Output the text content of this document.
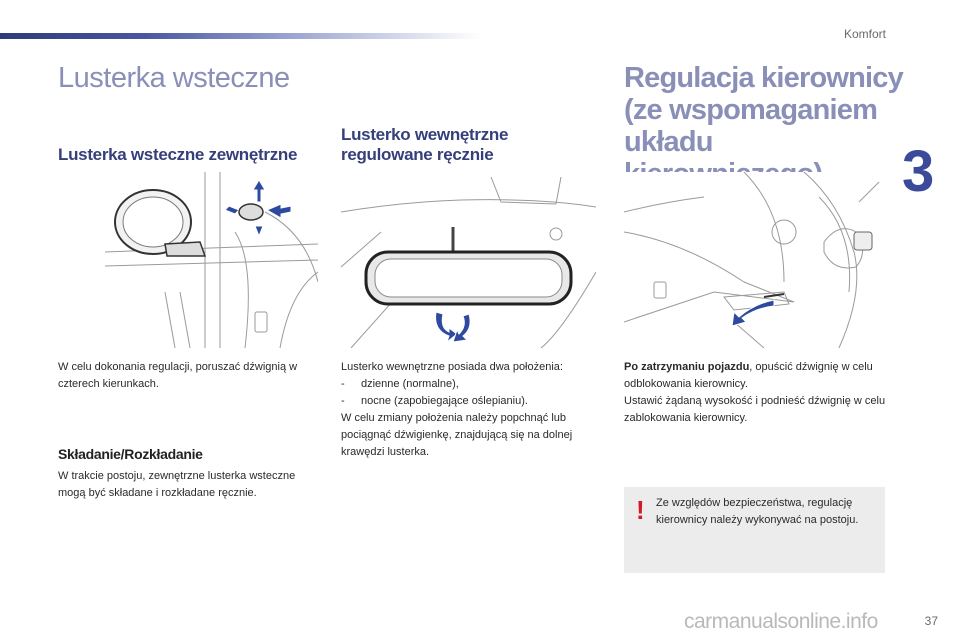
Komfort
3
Lusterka wsteczne	Regulacja kierownicy (ze wspomaganiem układu
Lusterka wsteczne zewnętrzne
Lusterko wewnętrzne regulowane ręcznie

W celu dokonania regulacji, poruszać dźwignią w czterech kierunkach.

Składanie/Rozkładanie

W trakcie postoju, zewnętrzne lusterka wsteczne mogą być składane i rozkładane ręcznie.

Lusterko wewnętrzne posiada dwa położenia:
-	dzienne (normalne),
-	nocne (zapobiegające oślepianiu).
W celu zmiany położenia należy popchnąć lub pociągnąć dźwigienkę, znajdującą się na dolnej krawędzi lusterka.
Po zatrzymaniu pojazdu, opuścić dźwignię w celu odblokowania kierownicy.
Ustawić żądaną wysokość i podnieść dźwignię w celu zablokowania kierownicy.
! Ze względów bezpieczeństwa, regulację kierownicy należy wykonywać na postoju.

carmanualsonline.info	37
